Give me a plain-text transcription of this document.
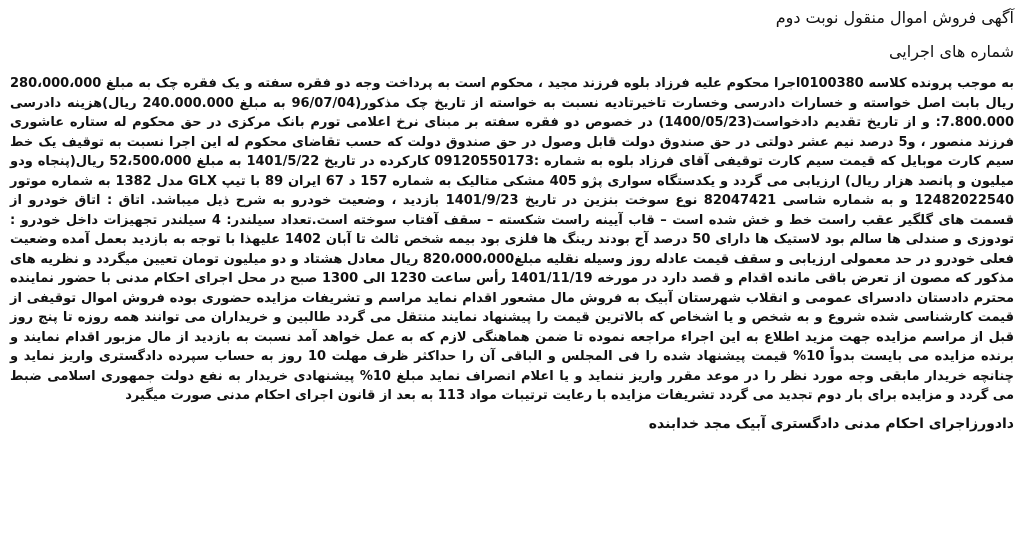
آگهی فروش اموال منقول نوبت دوم
شماره های اجرایی

به موجب پرونده کلاسه 0100380اجرا محکوم علیه فرزاد بلوه فرزند مجید ، محکوم است به پرداخت وجه دو فقره سفته و یک فقره چک به مبلغ 280،000،000 ریال بابت اصل خواسته و خسارات دادرسی وخسارت تاخیرتادیه نسبت به خواسته از تاریخ چک مذکور(96/07/04 به مبلغ 240.000.000 ریال)هزینه دادرسی 7.800.000: و از تاریخ تقدیم دادخواست(1400/05/23) در خصوص دو فقره سفته بر مبنای نرخ اعلامی تورم بانک مرکزی در حق محکوم له ستاره عاشوری فرزند منصور ، و5 درصد نیم عشر دولتی در حق صندوق دولت قابل وصول در حق صندوق دولت که حسب تقاضای محکوم له این اجرا نسبت به توقیف یک خط سیم کارت موبایل که قیمت سیم کارت توقیفی آقای فرزاد بلوه به شماره :09120550173 کارکرده در تاریخ 1401/5/22 به مبلغ 52،500،000 ریال(پنجاه ودو میلیون و پانصد هزار ریال) ارزیابی می گردد و یکدستگاه سواری پژو 405 مشکی متالیک به شماره 157 د 67 ایران 89 با تیپ GLX مدل 1382 به شماره موتور 12482022540 و به شماره شاسی 82047421 نوع سوخت بنزین در تاریخ 1401/9/23 بازدید ، وضعیت خودرو به شرح ذیل میباشد. اتاق : اتاق خودرو از قسمت های گلگیر عقب راست خط و خش شده است – قاب آیینه راست شکسته – سقف آفتاب سوخته است.تعداد سیلندر: 4 سیلندر تجهیزات داخل خودرو : تودوزی و صندلی ها سالم بود لاستیک ها دارای 50 درصد آج بودند رینگ ها فلزی بود بیمه شخص ثالث تا آبان 1402 علیهذا با توجه به بازدید بعمل آمده وضعیت فعلی خودرو در حد معمولی ارزیابی و سقف قیمت عادله روز وسیله نقلیه مبلغ820،000،000 ریال معادل هشتاد و دو میلیون تومان تعیین میگردد و نظریه های مذکور که مصون از تعرض باقی مانده اقدام و قصد دارد در مورخه 1401/11/19 رأس ساعت 1230 الی 1300 صبح در محل اجرای احکام مدنی با حضور نماینده محترم دادستان دادسرای عمومی و انقلاب شهرستان آبیک به فروش مال مشعور اقدام نماید مراسم و تشریفات مزایده حضوری بوده فروش اموال توقیفی از قیمت کارشناسی شده شروع و به شخص و یا اشخاص که بالاترین قیمت را پیشنهاد نمایند منتقل می گردد طالبین و خریداران می توانند همه روزه تا پنج روز قبل از مراسم مزایده جهت مزید اطلاع به این اجراء مراجعه نموده تا ضمن هماهنگی لازم که به عمل خواهد آمد نسبت به بازدید از مال مزبور اقدام نمایند و برنده مزایده می بایست بدواً 10% قیمت پیشنهاد شده را فی المجلس و الباقی آن را حداکثر ظرف مهلت 10 روز به حساب سپرده دادگستری واریز نماید و چنانچه خریدار مابقی وجه مورد نظر را در موعد مقرر واریز ننماید و یا اعلام انصراف نماید مبلغ 10% پیشنهادی خریدار به نفع دولت جمهوری اسلامی ضبط می گردد و مزایده برای بار دوم تجدید می گردد تشریفات مزایده با رعایت ترتیبات مواد 113 به بعد از قانون اجرای احکام مدنی صورت میگیرد

دادورزاجرای احکام مدنی دادگستری آبیک مجد خدابنده
